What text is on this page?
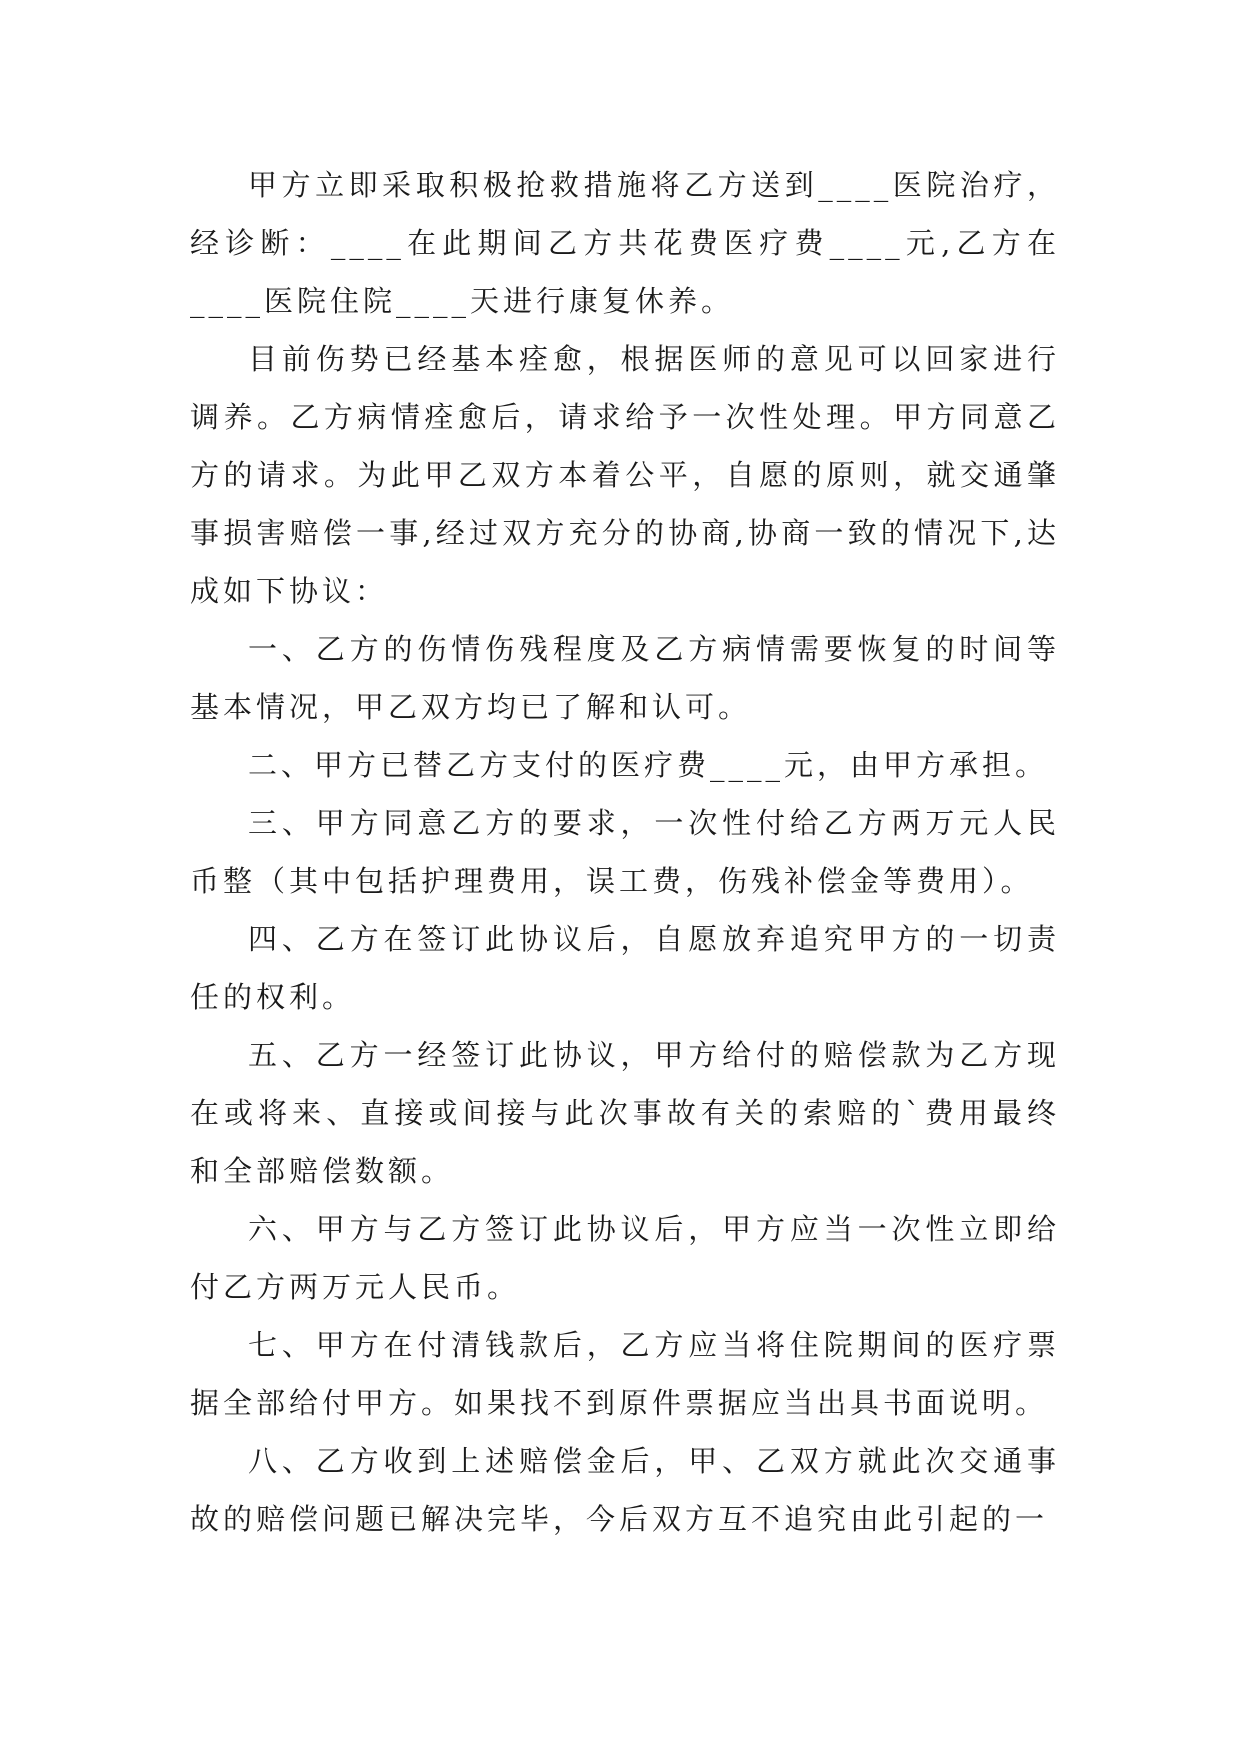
甲方立即采取积极抢救措施将乙方送到____医院治疗，经诊断：____在此期间乙方共花费医疗费____元,乙方在____医院住院____天进行康复休养。

目前伤势已经基本痊愈，根据医师的意见可以回家进行调养。乙方病情痊愈后，请求给予一次性处理。甲方同意乙方的请求。为此甲乙双方本着公平，自愿的原则，就交通肇事损害赔偿一事,经过双方充分的协商,协商一致的情况下,达成如下协议：

一、乙方的伤情伤残程度及乙方病情需要恢复的时间等基本情况，甲乙双方均已了解和认可。

二、甲方已替乙方支付的医疗费____元，由甲方承担。

三、甲方同意乙方的要求，一次性付给乙方两万元人民币整（其中包括护理费用，误工费，伤残补偿金等费用）。

四、乙方在签订此协议后，自愿放弃追究甲方的一切责任的权利。

五、乙方一经签订此协议，甲方给付的赔偿款为乙方现在或将来、直接或间接与此次事故有关的索赔的`费用最终和全部赔偿数额。

六、甲方与乙方签订此协议后，甲方应当一次性立即给付乙方两万元人民币。

七、甲方在付清钱款后，乙方应当将住院期间的医疗票据全部给付甲方。如果找不到原件票据应当出具书面说明。

八、乙方收到上述赔偿金后，甲、乙双方就此次交通事故的赔偿问题已解决完毕，今后双方互不追究由此引起的一
